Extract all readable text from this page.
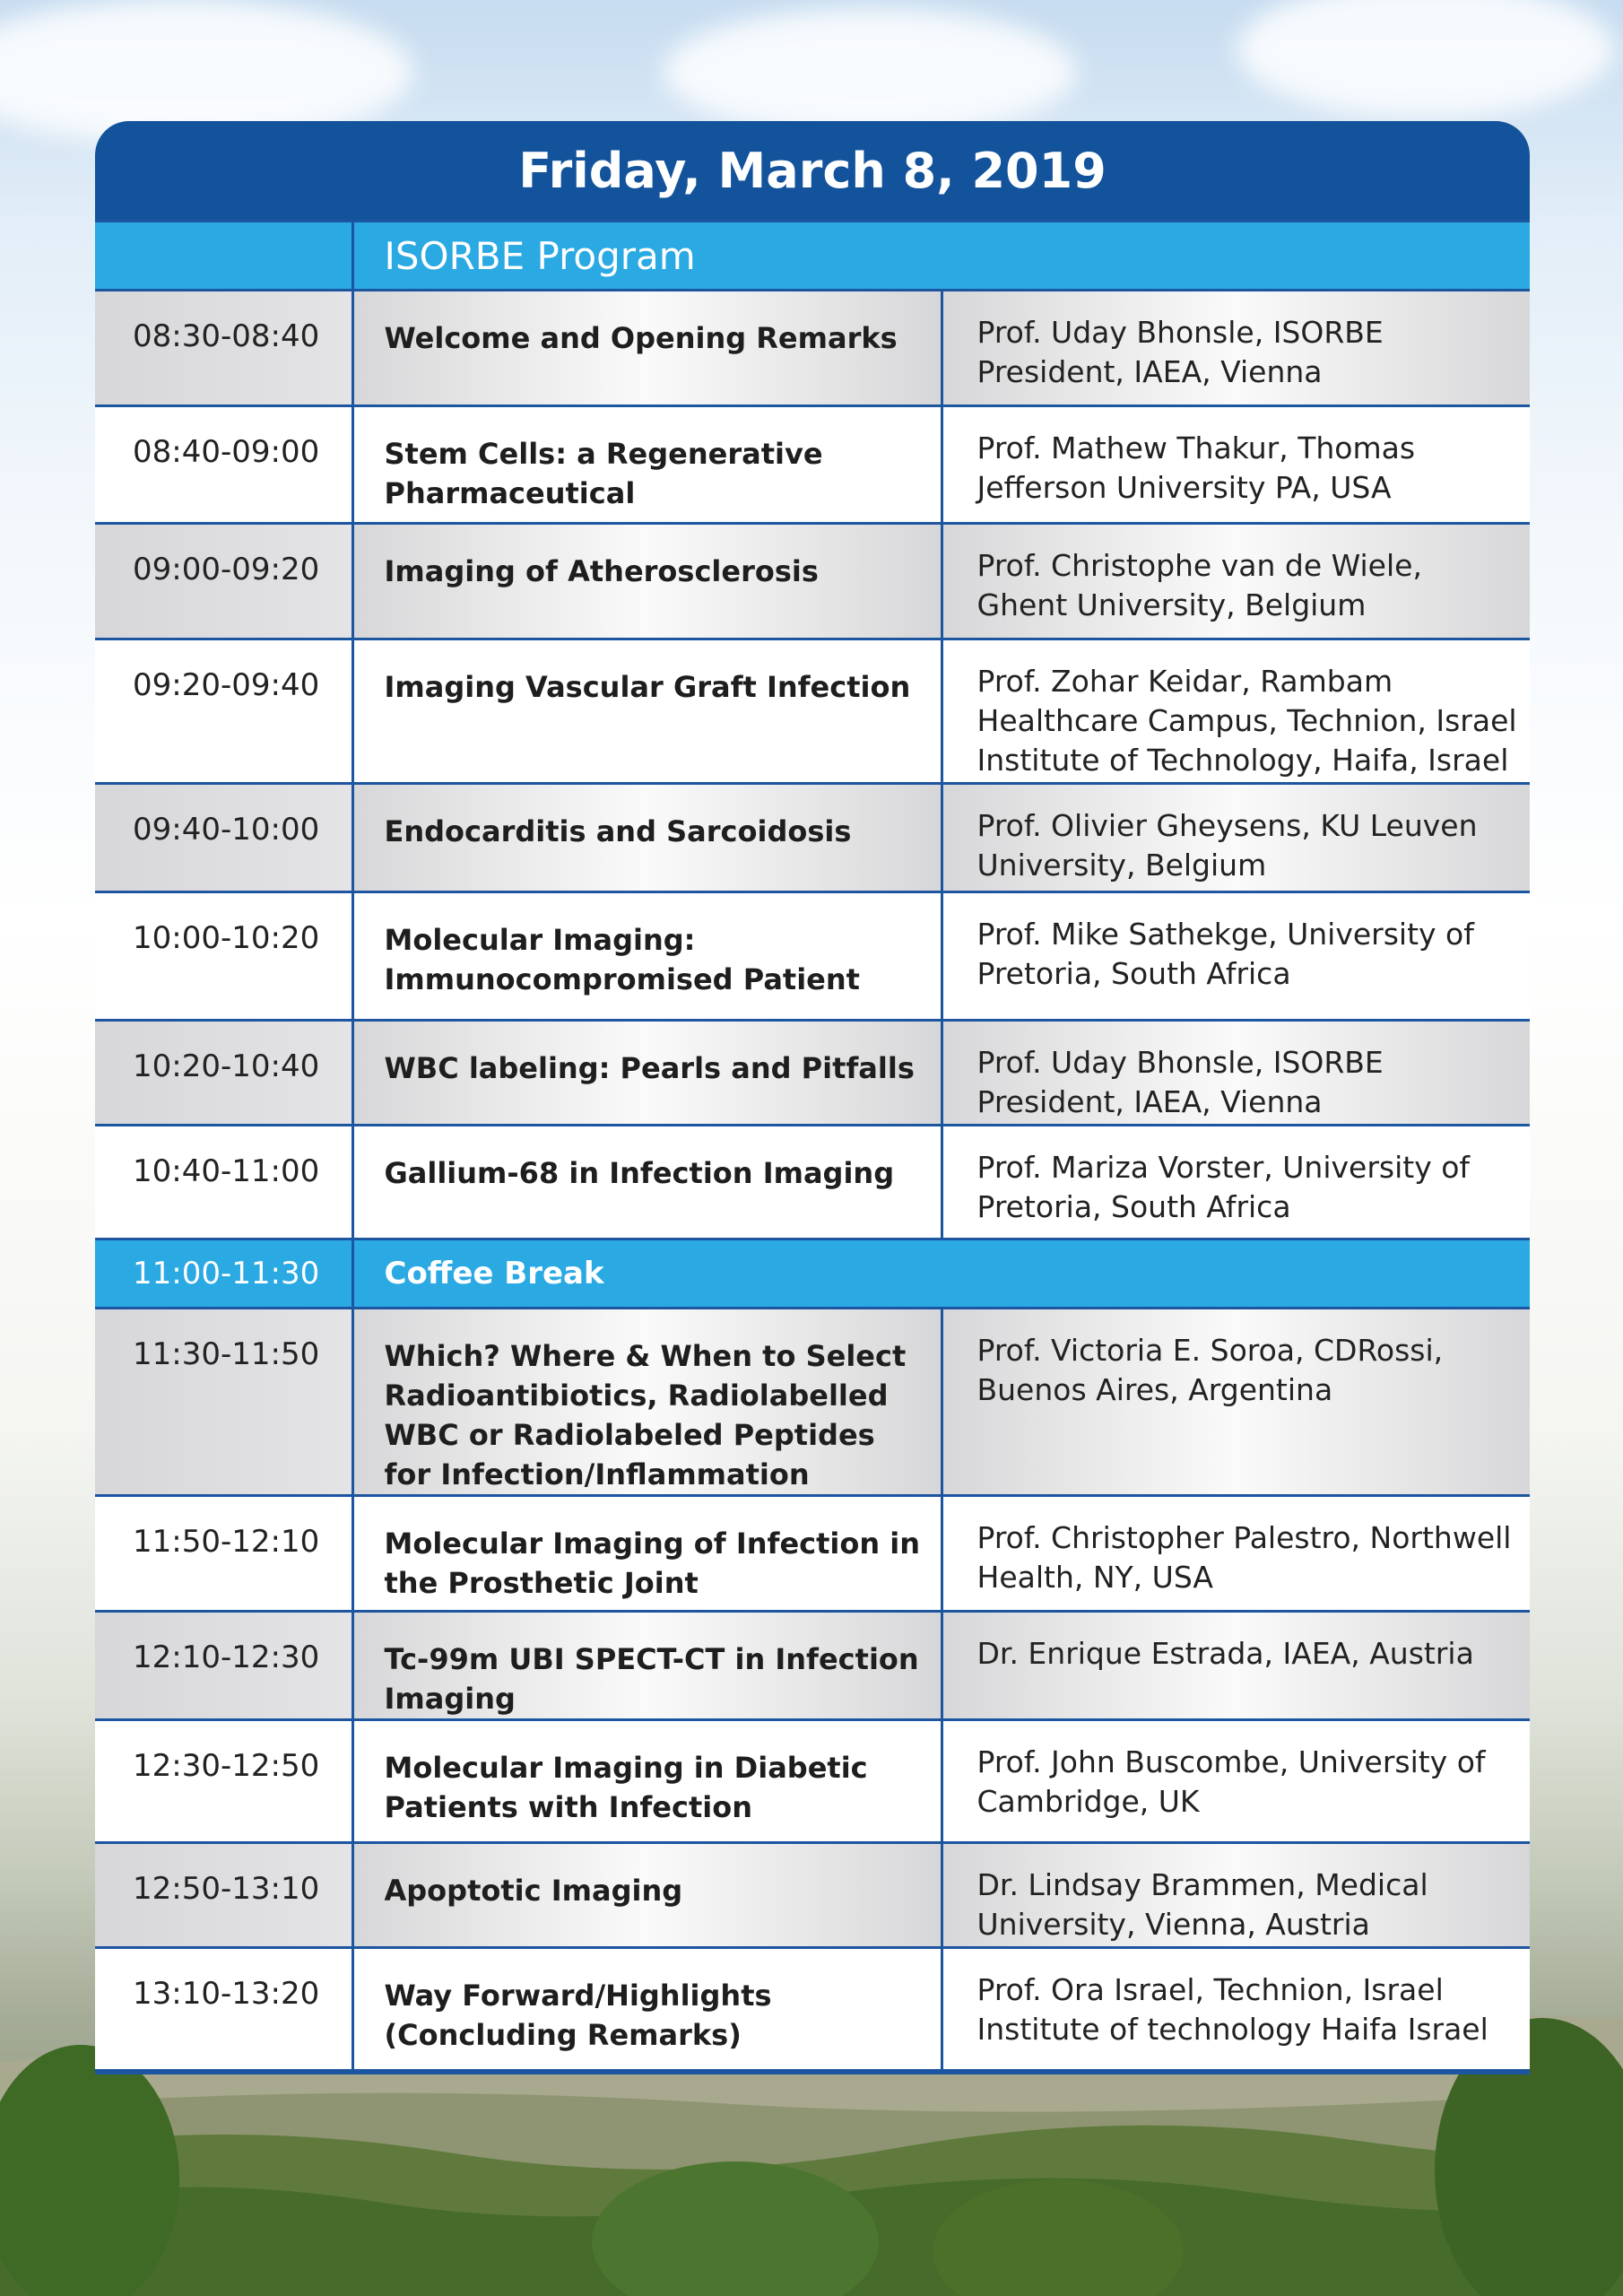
Friday, March 8, 2019
	ISORBE Program	
08:30-08:40	Welcome and Opening Remarks	Prof. Uday Bhonsle, ISORBE President, IAEA, Vienna
08:40-09:00	Stem Cells: a Regenerative Pharmaceutical	Prof. Mathew Thakur, Thomas Jefferson University PA, USA
09:00-09:20	Imaging of Atherosclerosis	Prof. Christophe van de Wiele, Ghent University, Belgium
09:20-09:40	Imaging Vascular Graft Infection	Prof. Zohar Keidar, Rambam Healthcare Campus, Technion, Israel Institute of Technology, Haifa, Israel
09:40-10:00	Endocarditis and Sarcoidosis	Prof. Olivier Gheysens, KU Leuven University, Belgium
10:00-10:20	Molecular Imaging: Immunocompromised Patient	Prof. Mike Sathekge, University of Pretoria, South Africa
10:20-10:40	WBC labeling: Pearls and Pitfalls	Prof. Uday Bhonsle, ISORBE President, IAEA, Vienna
10:40-11:00	Gallium-68 in Infection Imaging	Prof. Mariza Vorster, University of Pretoria, South Africa
11:00-11:30	Coffee Break	
11:30-11:50	Which? Where & When to Select Radioantibiotics, Radiolabelled WBC or Radiolabeled Peptides for Infection/Inflammation	Prof. Victoria E. Soroa, CDRossi, Buenos Aires, Argentina
11:50-12:10	Molecular Imaging of Infection in the Prosthetic Joint	Prof. Christopher Palestro, Northwell Health, NY, USA
12:10-12:30	Tc-99m UBI SPECT-CT in Infection Imaging	Dr. Enrique Estrada, IAEA, Austria
12:30-12:50	Molecular Imaging in Diabetic Patients with Infection	Prof. John Buscombe, University of Cambridge, UK
12:50-13:10	Apoptotic Imaging	Dr. Lindsay Brammen, Medical University, Vienna, Austria
13:10-13:20	Way Forward/Highlights (Concluding Remarks)	Prof. Ora Israel, Technion, Israel Institute of technology Haifa Israel
